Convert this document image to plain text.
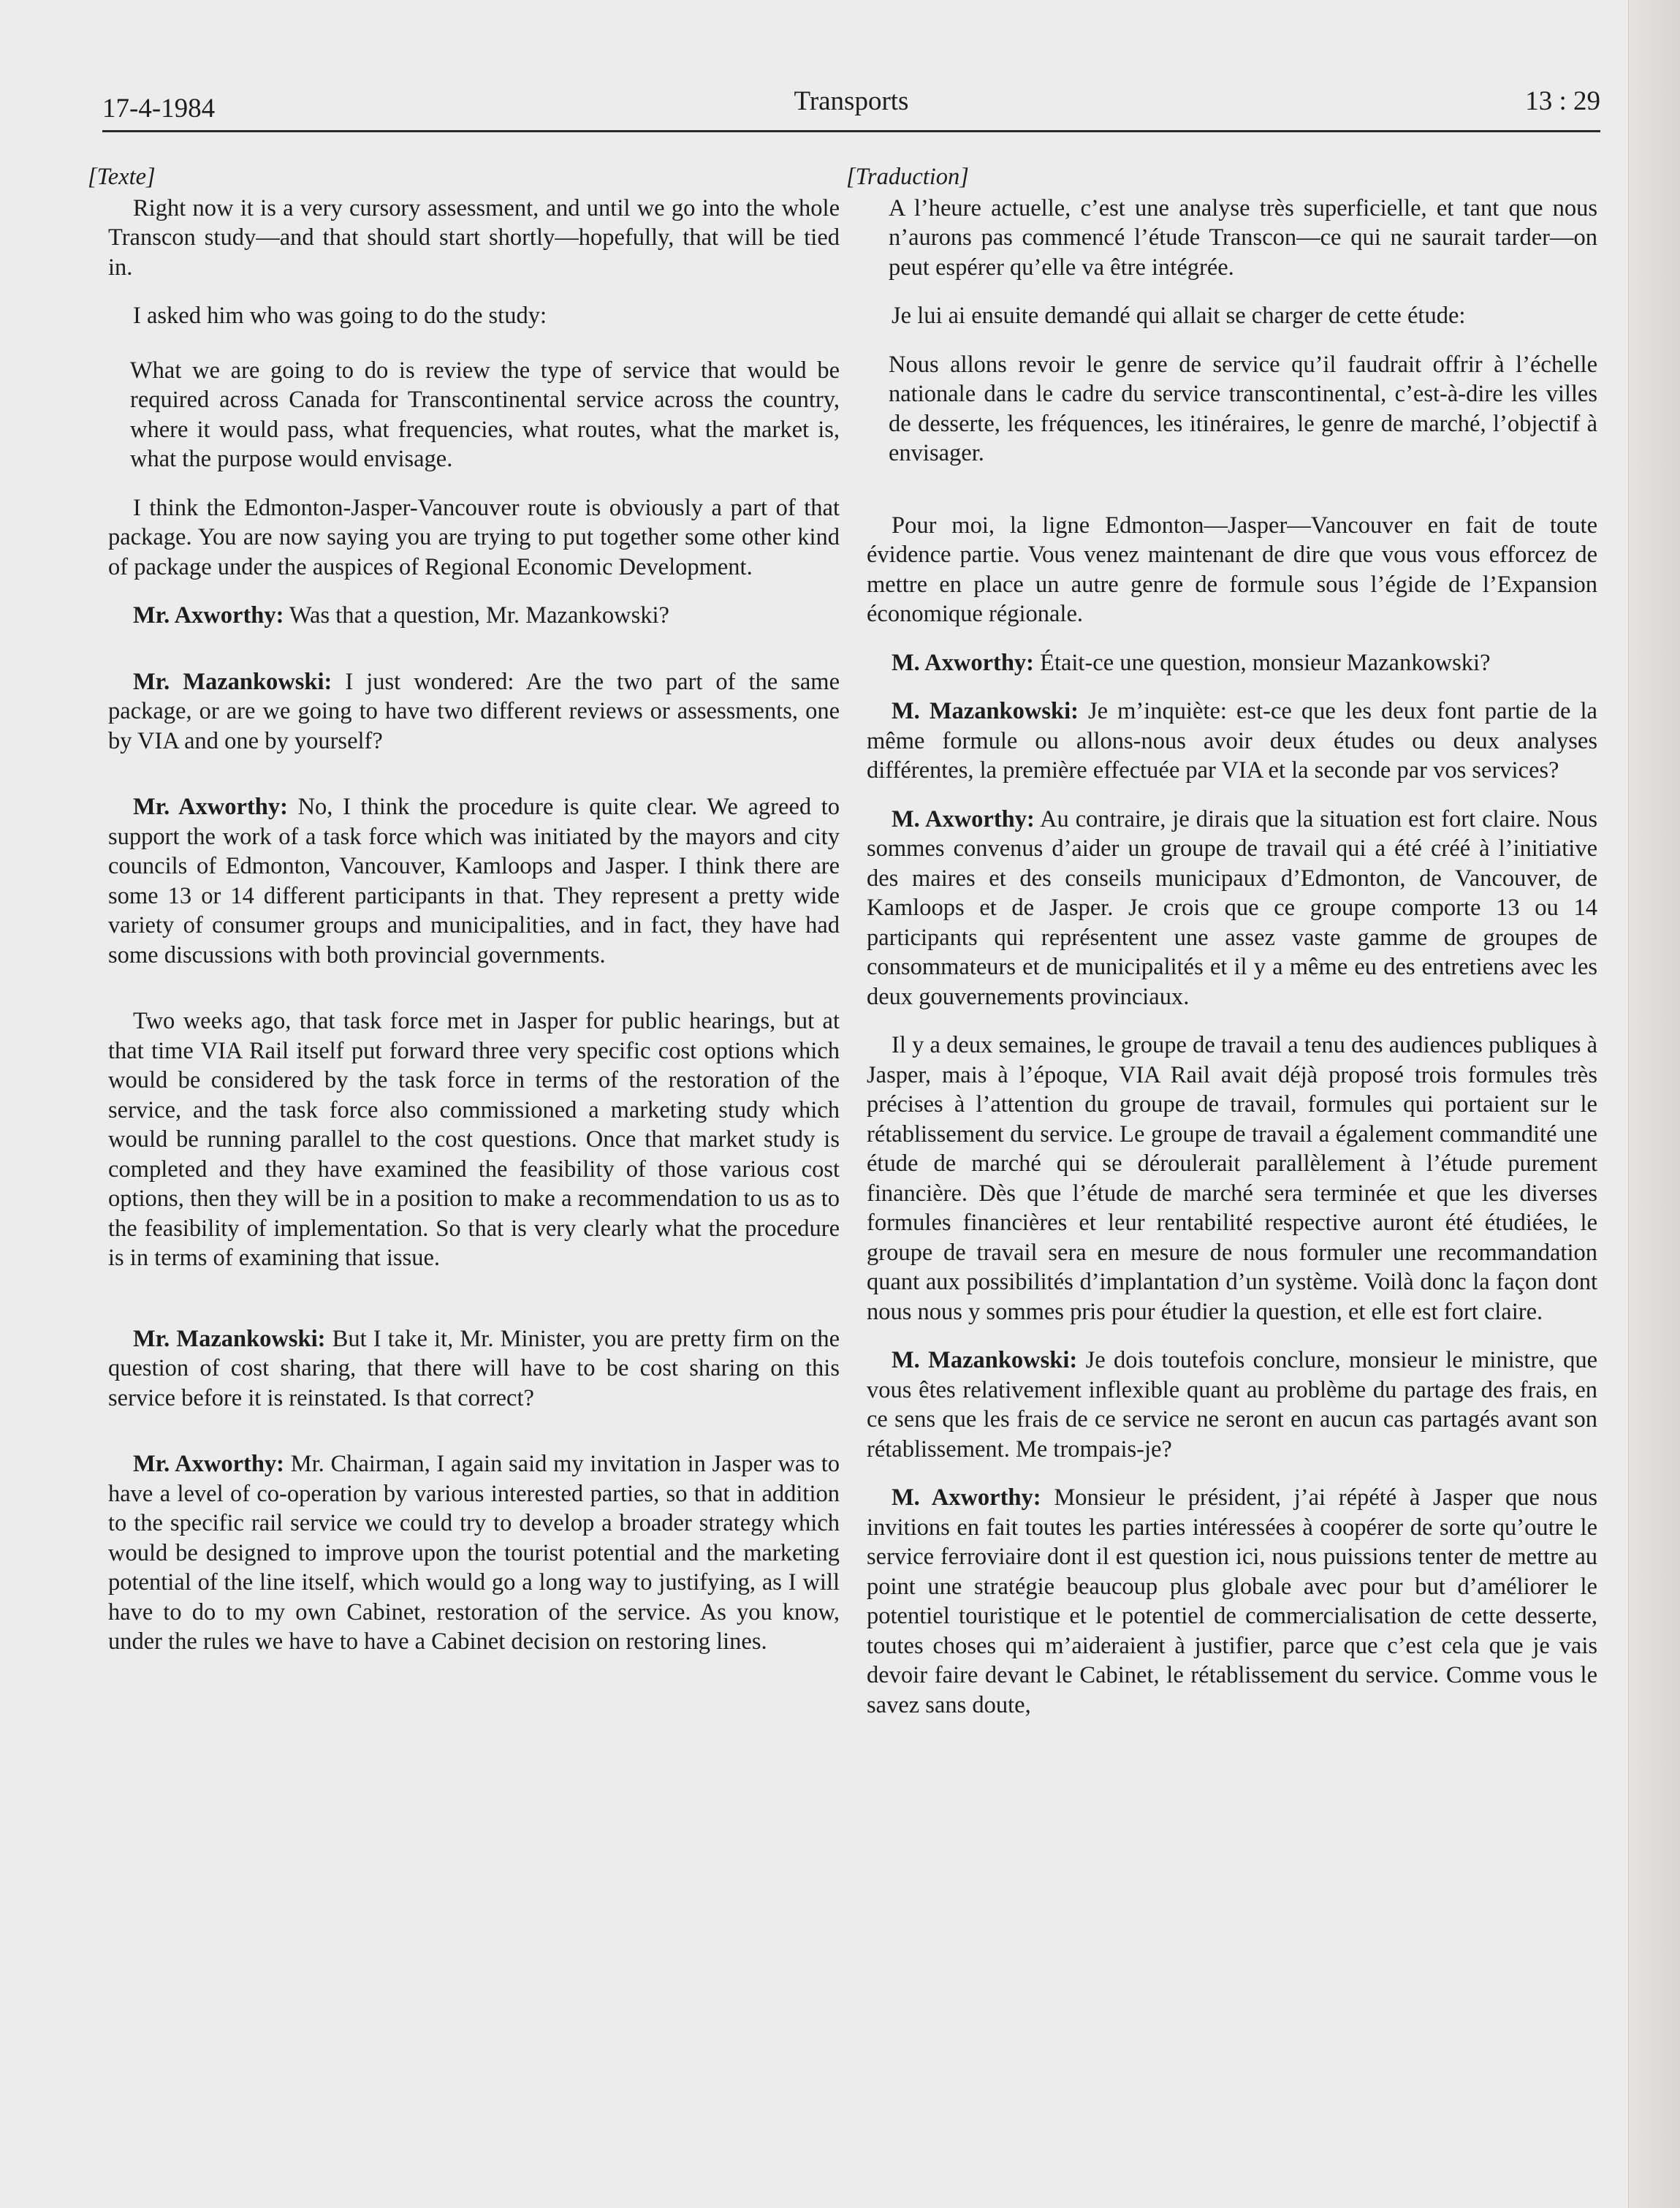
17-4-1984	Transports	13 : 29
[Texte]

Right now it is a very cursory assessment, and until we go into the whole Transcon study—and that should start shortly—hopefully, that will be tied in.

I asked him who was going to do the study:

What we are going to do is review the type of service that would be required across Canada for Transcontinental service across the country, where it would pass, what frequencies, what routes, what the market is, what the purpose would envisage.

I think the Edmonton-Jasper-Vancouver route is obviously a part of that package. You are now saying you are trying to put together some other kind of package under the auspices of Regional Economic Development.

Mr. Axworthy: Was that a question, Mr. Mazankowski?

Mr. Mazankowski: I just wondered: Are the two part of the same package, or are we going to have two different reviews or assessments, one by VIA and one by yourself?

Mr. Axworthy: No, I think the procedure is quite clear. We agreed to support the work of a task force which was initiated by the mayors and city councils of Edmonton, Vancouver, Kamloops and Jasper. I think there are some 13 or 14 different participants in that. They represent a pretty wide variety of consumer groups and municipalities, and in fact, they have had some discussions with both provincial governments.

Two weeks ago, that task force met in Jasper for public hearings, but at that time VIA Rail itself put forward three very specific cost options which would be considered by the task force in terms of the restoration of the service, and the task force also commissioned a marketing study which would be running parallel to the cost questions. Once that market study is completed and they have examined the feasibility of those various cost options, then they will be in a position to make a recommendation to us as to the feasibility of implementation. So that is very clearly what the procedure is in terms of examining that issue.

Mr. Mazankowski: But I take it, Mr. Minister, you are pretty firm on the question of cost sharing, that there will have to be cost sharing on this service before it is reinstated. Is that correct?

Mr. Axworthy: Mr. Chairman, I again said my invitation in Jasper was to have a level of co-operation by various interested parties, so that in addition to the specific rail service we could try to develop a broader strategy which would be designed to improve upon the tourist potential and the marketing potential of the line itself, which would go a long way to justifying, as I will have to do to my own Cabinet, restoration of the service. As you know, under the rules we have to have a Cabinet decision on restoring lines.

[Traduction]

A l’heure actuelle, c’est une analyse très superficielle, et tant que nous n’aurons pas commencé l’étude Transcon—ce qui ne saurait tarder—on peut espérer qu’elle va être intégrée.

Je lui ai ensuite demandé qui allait se charger de cette étude:

Nous allons revoir le genre de service qu’il faudrait offrir à l’échelle nationale dans le cadre du service transcontinental, c’est-à-dire les villes de desserte, les fréquences, les itinéraires, le genre de marché, l’objectif à envisager.

Pour moi, la ligne Edmonton—Jasper—Vancouver en fait de toute évidence partie. Vous venez maintenant de dire que vous vous efforcez de mettre en place un autre genre de formule sous l’égide de l’Expansion économique régionale.

M. Axworthy: Était-ce une question, monsieur Mazankowski?

M. Mazankowski: Je m’inquiète: est-ce que les deux font partie de la même formule ou allons-nous avoir deux études ou deux analyses différentes, la première effectuée par VIA et la seconde par vos services?

M. Axworthy: Au contraire, je dirais que la situation est fort claire. Nous sommes convenus d’aider un groupe de travail qui a été créé à l’initiative des maires et des conseils municipaux d’Edmonton, de Vancouver, de Kamloops et de Jasper. Je crois que ce groupe comporte 13 ou 14 participants qui représentent une assez vaste gamme de groupes de consommateurs et de municipalités et il y a même eu des entretiens avec les deux gouvernements provinciaux.

Il y a deux semaines, le groupe de travail a tenu des audiences publiques à Jasper, mais à l’époque, VIA Rail avait déjà proposé trois formules très précises à l’attention du groupe de travail, formules qui portaient sur le rétablissement du service. Le groupe de travail a également commandité une étude de marché qui se déroulerait parallèlement à l’étude purement financière. Dès que l’étude de marché sera terminée et que les diverses formules financières et leur rentabilité respective auront été étudiées, le groupe de travail sera en mesure de nous formuler une recommandation quant aux possibilités d’implantation d’un système. Voilà donc la façon dont nous nous y sommes pris pour étudier la question, et elle est fort claire.

M. Mazankowski: Je dois toutefois conclure, monsieur le ministre, que vous êtes relativement inflexible quant au problème du partage des frais, en ce sens que les frais de ce service ne seront en aucun cas partagés avant son rétablissement. Me trompais-je?

M. Axworthy: Monsieur le président, j’ai répété à Jasper que nous invitions en fait toutes les parties intéressées à coopérer de sorte qu’outre le service ferroviaire dont il est question ici, nous puissions tenter de mettre au point une stratégie beaucoup plus globale avec pour but d’améliorer le potentiel touristique et le potentiel de commercialisation de cette desserte, toutes choses qui m’aideraient à justifier, parce que c’est cela que je vais devoir faire devant le Cabinet, le rétablissement du service. Comme vous le savez sans doute,
